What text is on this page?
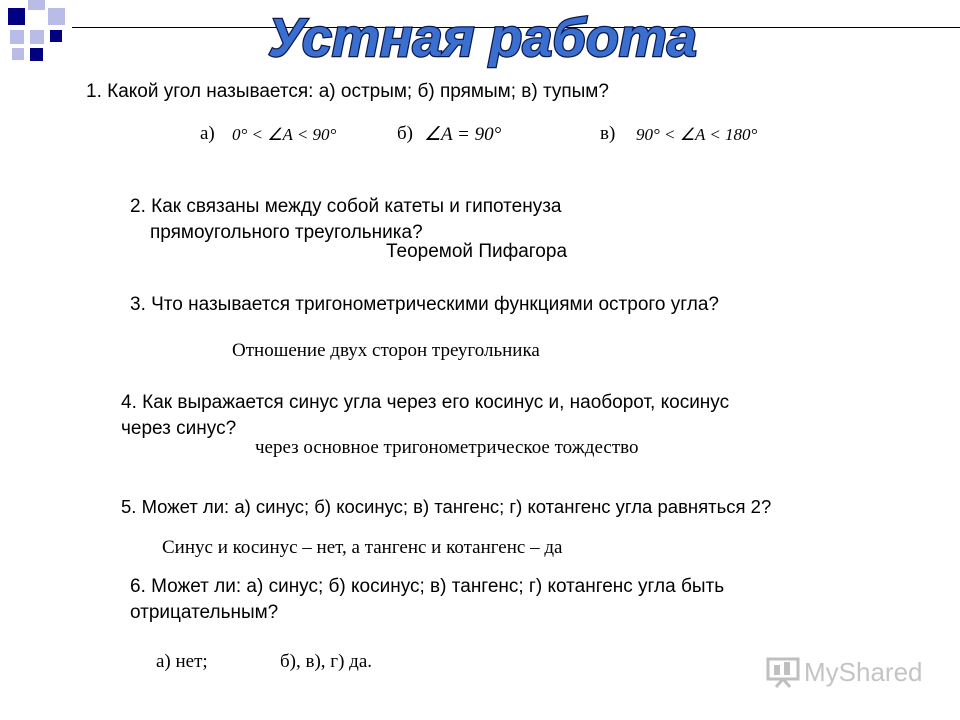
Устная работа
1. Какой угол называется: а) острым; б) прямым; в) тупым?
а) 0° < ∠A < 90°	б) ∠A = 90°	в) 90° < ∠A < 180°
2. Как связаны между собой катеты и гипотенуза
прямоугольного треугольника?
Теоремой Пифагора
3. Что называется тригонометрическими функциями острого угла?
Отношение двух сторон треугольника
4. Как выражается синус угла через его косинус и, наоборот, косинус
через синус?
через основное тригонометрическое тождество
5. Может ли: а) синус; б) косинус; в) тангенс; г) котангенс угла равняться 2?
Синус и косинус – нет, а тангенс и котангенс – да
6. Может ли: а) синус; б) косинус; в) тангенс; г) котангенс угла быть
отрицательным?
а) нет;	б), в), г) да.	MyShared
